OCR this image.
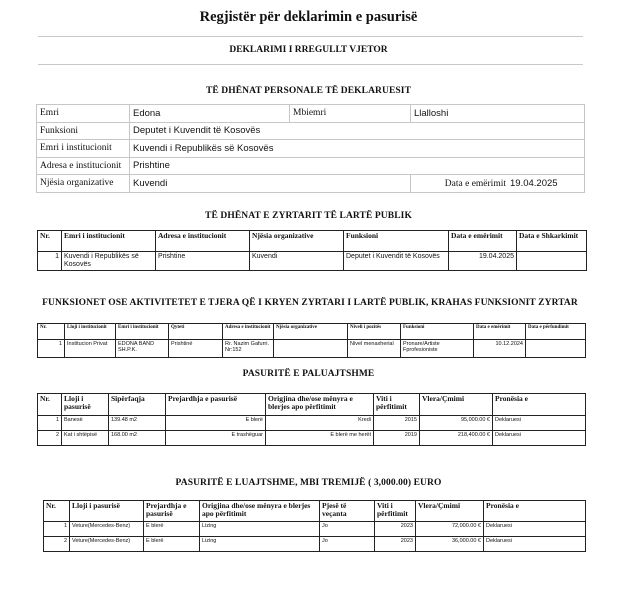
Regjistër për deklarimin e pasurisë
DEKLARIMI I RREGULLT VJETOR
TË DHËNAT PERSONALE TË DEKLARUESIT
Emri	Edona	Mbiemri	Llalloshi
Funksioni	Deputet i Kuvendit të Kosovës		
Emri i institucionit	Kuvendi i Republikës së Kosovës		
Adresa e institucionit	Prishtine		
Njësia organizative	Kuvendi		Data e emërimit 19.04.2025
TË DHËNAT E ZYRTARIT TË LARTË PUBLIK
Nr.	Emri i institucionit	Adresa e institucionit	Njësia organizative	Funksioni	Data e emërimit	Data e Shkarkimit
1	Kuvendi i Republikës së Kosovës	Prishtine	Kuvendi	Deputet i Kuvendit të Kosovës	19.04.2025	
FUNKSIONET OSE AKTIVITETET E TJERA QË I KRYEN ZYRTARI I LARTË PUBLIK, KRAHAS FUNKSIONIT ZYRTAR
Nr.	Lloji i institucionit	Emri i institucionit	Qyteti	Adresa e institucionit	Njësia organizative	Niveli i pozitës	Funksioni	Data e emërimit	Data e përfundimit
1	Institucion Privat	EDONA BAND SH.P.K.	Prishtinë	Rr. Nazim Gafurri. Nr:152		Nivel menaxherial	Pronare/Artiste Fprofesioniste	10.12.2024	
PASURITË E PALUAJTSHME
Nr.	Lloji i pasurisë	Sipërfaqja	Prejardhja e pasurisë	Origjina dhe/ose mënyra e blerjes apo përfitimit	Viti i përfitimit	Vlera/Çmimi	Pronësia e
1	Banesë	139.48 m2	E blerë	Kredi	2015	95,000.00 €	Deklaruesi
2	Kat i shtëpisë	168.00 m2	E trashëguar	E blerë me herët	2019	218,400.00 €	Deklaruesi
PASURITË E LUAJTSHME, MBI TREMIJË ( 3,000.00) EURO
Nr.	Lloji i pasurisë	Prejardhja e pasurisë	Origjina dhe/ose mënyra e blerjes apo përfitimit	Pjesë të veçanta	Viti i përfitimit	Vlera/Çmimi	Pronësia e
1	Veture(Mercedes-Benz)	E blerë	Lizing	Jo	2023	72,000.00 €	Deklaruesi
2	Veture(Mercedes-Benz)	E blerë	Lizing	Jo	2023	36,000.00 €	Deklaruesi
